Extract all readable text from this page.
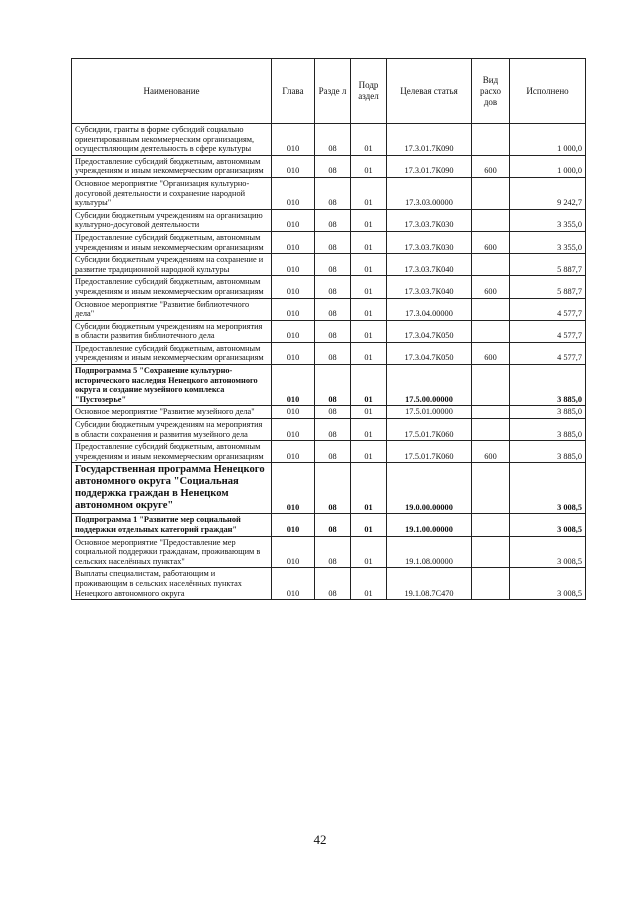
Наименование	Глава	Разде л	Подр аздел	Целевая статья	Вид расхо дов	Исполнено
Субсидии, гранты в форме субсидий социально ориентированным некоммерческим организациям, осуществляющим деятельность в сфере культуры	010	08	01	17.3.01.7К090		1 000,0
Предоставление субсидий бюджетным, автономным учреждениям и иным некоммерческим организациям	010	08	01	17.3.01.7К090	600	1 000,0
Основное мероприятие "Организация культурно-досуговой деятельности и сохранение народной культуры"	010	08	01	17.3.03.00000		9 242,7
Субсидии бюджетным учреждениям на организацию культурно-досуговой деятельности	010	08	01	17.3.03.7К030		3 355,0
Предоставление субсидий бюджетным, автономным учреждениям и иным некоммерческим организациям	010	08	01	17.3.03.7К030	600	3 355,0
Субсидии бюджетным учреждениям на сохранение и развитие традиционной народной культуры	010	08	01	17.3.03.7К040		5 887,7
Предоставление субсидий бюджетным, автономным учреждениям и иным некоммерческим организациям	010	08	01	17.3.03.7К040	600	5 887,7
Основное мероприятие "Развитие библиотечного дела"	010	08	01	17.3.04.00000		4 577,7
Субсидии бюджетным учреждениям на мероприятия в области развития библиотечного дела	010	08	01	17.3.04.7К050		4 577,7
Предоставление субсидий бюджетным, автономным учреждениям и иным некоммерческим организациям	010	08	01	17.3.04.7К050	600	4 577,7
Подпрограмма 5 "Сохранение культурно-исторического наследия Ненецкого автономного округа и создание музейного комплекса "Пустозерье"	010	08	01	17.5.00.00000		3 885,0
Основное мероприятие "Развитие музейного дела"	010	08	01	17.5.01.00000		3 885,0
Субсидии бюджетным учреждениям на мероприятия в области сохранения и развития музейного дела	010	08	01	17.5.01.7К060		3 885,0
Предоставление субсидий бюджетным, автономным учреждениям и иным некоммерческим организациям	010	08	01	17.5.01.7К060	600	3 885,0
Государственная программа Ненецкого автономного округа "Социальная поддержка граждан в Ненецком автономном округе"	010	08	01	19.0.00.00000		3 008,5
Подпрограмма 1 "Развитие мер социальной поддержки отдельных категорий граждан"	010	08	01	19.1.00.00000		3 008,5
Основное мероприятие "Предоставление мер социальной поддержки гражданам, проживающим в сельских населённых пунктах"	010	08	01	19.1.08.00000		3 008,5
Выплаты специалистам, работающим и проживающим в сельских населённых пунктах Ненецкого автономного округа	010	08	01	19.1.08.7С470		3 008,5
42
